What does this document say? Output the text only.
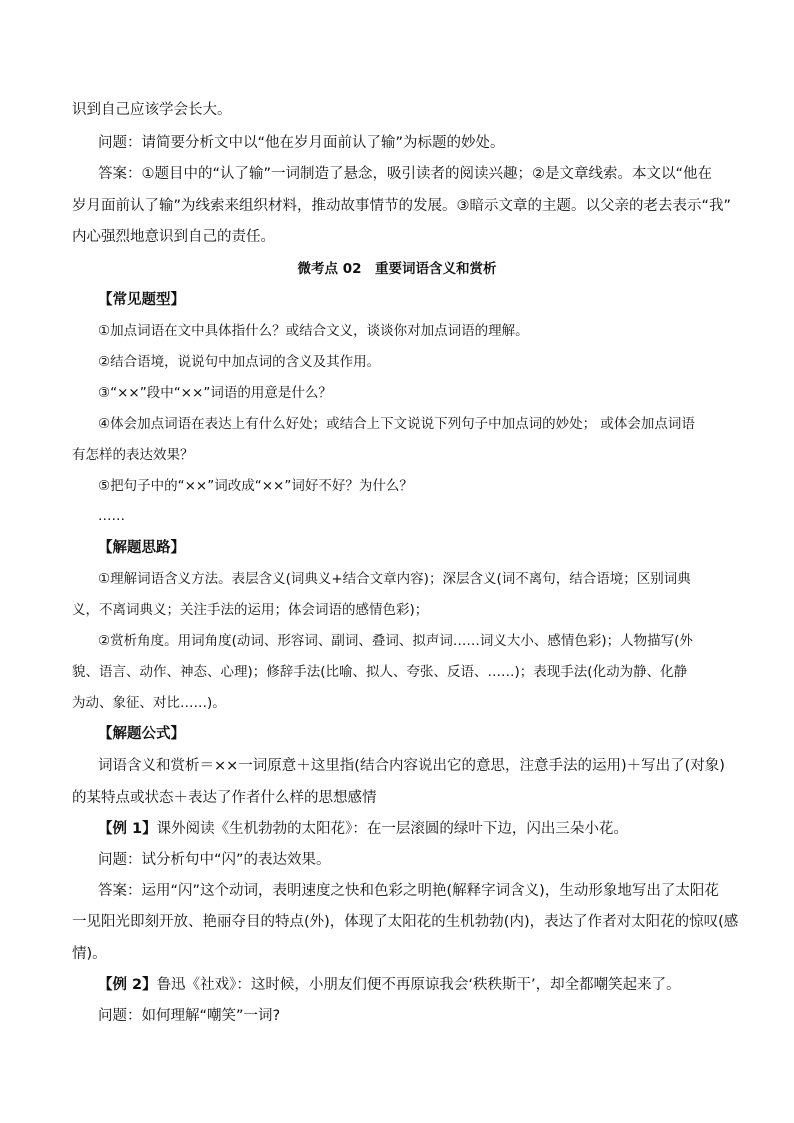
识到自己应该学会长大。
问题：请简要分析文中以“他在岁月面前认了输”为标题的妙处。
答案：①题目中的“认了输”一词制造了悬念，吸引读者的阅读兴趣；②是文章线索。本文以“他在
岁月面前认了输”为线索来组织材料，推动故事情节的发展。③暗示文章的主题。以父亲的老去表示“我”
内心强烈地意识到自己的责任。
微考点 02　重要词语含义和赏析
【常见题型】
①加点词语在文中具体指什么？或结合文义，谈谈你对加点词语的理解。
②结合语境，说说句中加点词的含义及其作用。
③“××”段中“××”词语的用意是什么？
④体会加点词语在表达上有什么好处；或结合上下文说说下列句子中加点词的妙处； 或体会加点词语
有怎样的表达效果？
⑤把句子中的“××”词改成“××”词好不好？为什么？
……
【解题思路】
①理解词语含义方法。表层含义(词典义+结合文章内容)；深层含义(词不离句，结合语境；区别词典
义，不离词典义；关注手法的运用；体会词语的感情色彩)；
②赏析角度。用词角度(动词、形容词、副词、叠词、拟声词……词义大小、感情色彩)；人物描写(外
貌、语言、动作、神态、心理)；修辞手法(比喻、拟人、夸张、反语、……)；表现手法(化动为静、化静
为动、象征、对比……)。
【解题公式】
词语含义和赏析＝××一词原意＋这里指(结合内容说出它的意思，注意手法的运用)＋写出了(对象)
的某特点或状态＋表达了作者什么样的思想感情
【例 1】课外阅读《生机勃勃的太阳花》：在一层滚圆的绿叶下边，闪出三朵小花。
问题：试分析句中“闪”的表达效果。
答案：运用“闪”这个动词，表明速度之快和色彩之明艳(解释字词含义)，生动形象地写出了太阳花
一见阳光即刻开放、艳丽夺目的特点(外)，体现了太阳花的生机勃勃(内)，表达了作者对太阳花的惊叹(感
情)。
【例 2】鲁迅《社戏》：这时候，小朋友们便不再原谅我会‘秩秩斯干’，却全都嘲笑起来了。
问题：如何理解“嘲笑”一词?
